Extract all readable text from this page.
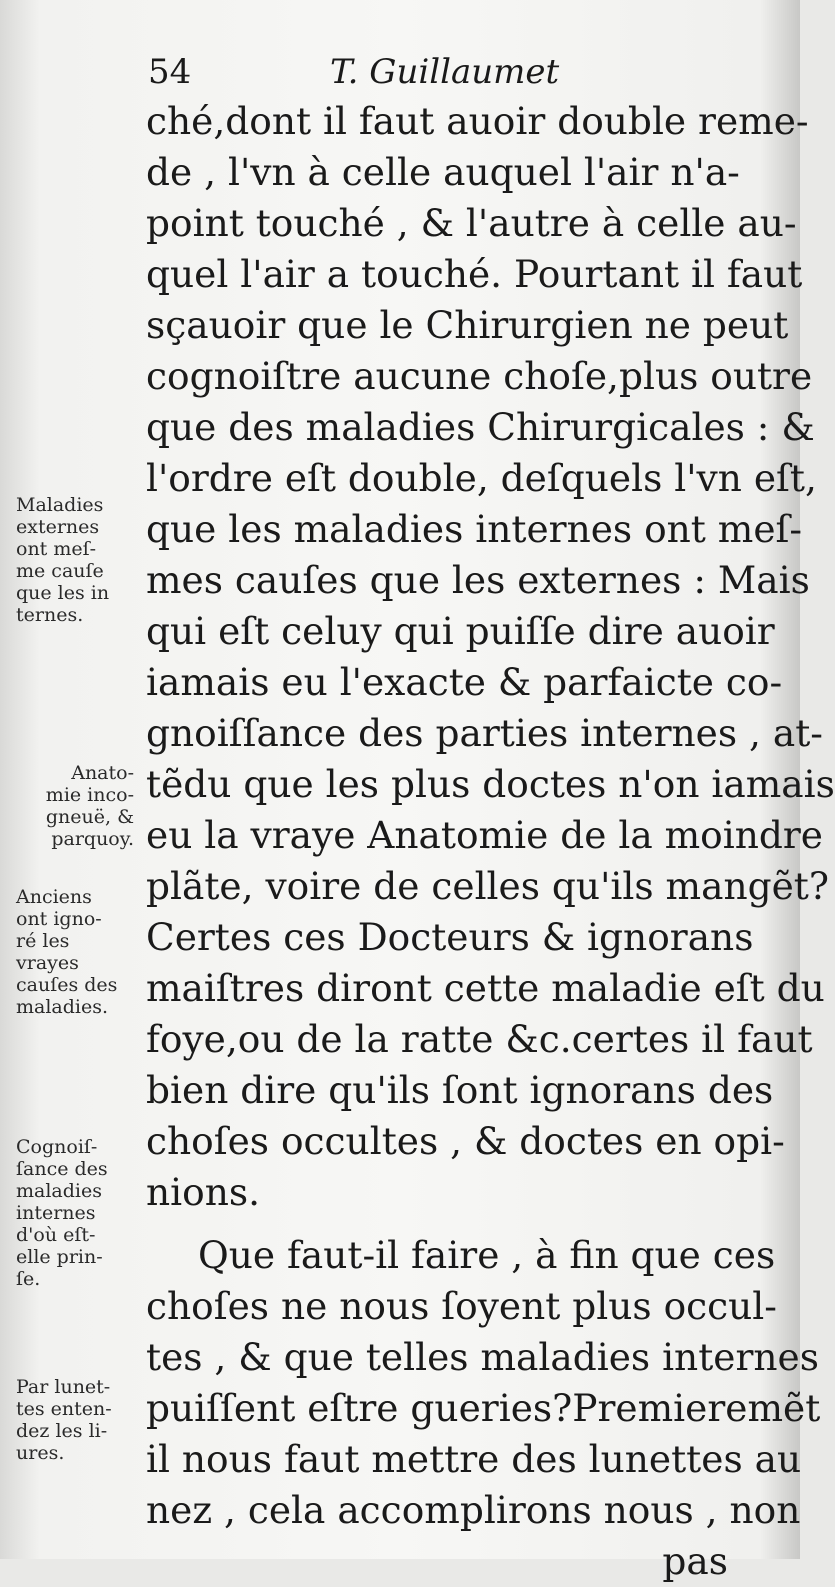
54	T. Guillaumet
ché,dont il faut auoir double reme-
de , l'vn à celle auquel l'air n'a-
point touché , & l'autre à celle au-
quel l'air a touché. Pourtant il faut
sçauoir que le Chirurgien ne peut
cognoiſtre aucune choſe,plus outre
que des maladies Chirurgicales : &
l'ordre eſt double, deſquels l'vn eſt,
que les maladies internes ont meſ-
mes cauſes que les externes : Mais
qui eſt celuy qui puiſſe dire auoir
iamais eu l'exacte & parfaicte co-
gnoiſſance des parties internes , at-
tẽdu que les plus doctes n'on iamais
eu la vraye Anatomie de la moindre
plãte, voire de celles qu'ils mangẽt?
Certes ces Docteurs & ignorans
maiſtres diront cette maladie eſt du
foye,ou de la ratte &c.certes il faut
bien dire qu'ils ſont ignorans des
choſes occultes , & doctes en opi-
nions.
Que faut-il faire , à fin que ces
choſes ne nous ſoyent plus occul-
tes , & que telles maladies internes
puiſſent eſtre gueries?Premieremẽt
il nous faut mettre des lunettes au
nez , cela accomplirons nous , non
pas
Maladies
externes
ont meſ-
me cauſe
que les in
ternes.
Anato-
mie inco-
gneuë, &
parquoy.
Anciens
ont igno-
ré les
vrayes
cauſes des
maladies.
Cognoiſ-
ſance des
maladies
internes
d'où eſt-
elle prin-
ſe.
Par lunet-
tes enten-
dez les li-
ures.
